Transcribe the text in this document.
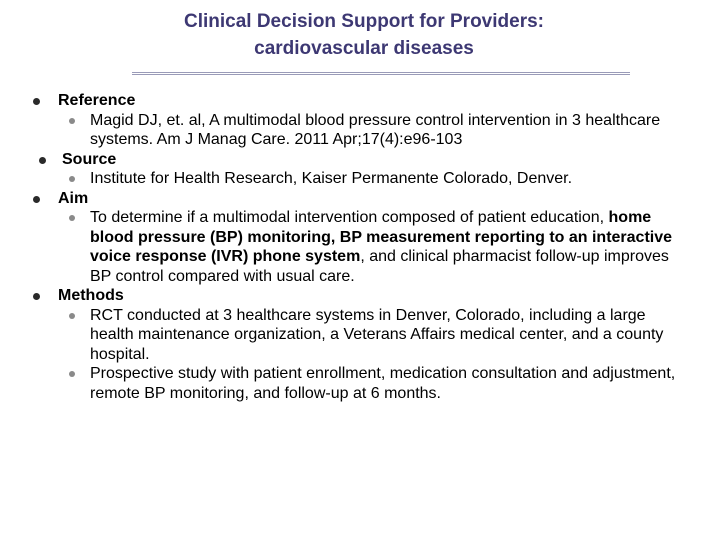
Clinical Decision Support for Providers:
cardiovascular diseases
Reference
Magid DJ, et. al, A multimodal blood pressure control intervention in 3 healthcare systems. Am J Manag Care. 2011 Apr;17(4):e96-103
Source
Institute for Health Research, Kaiser Permanente Colorado, Denver.
Aim
To determine if a multimodal intervention composed of patient education, home blood pressure (BP) monitoring, BP measurement reporting to an interactive voice response (IVR) phone system, and clinical pharmacist follow-up improves BP control compared with usual care.
Methods
RCT conducted at 3 healthcare systems in Denver, Colorado, including a large health maintenance organization, a Veterans Affairs medical center, and a county hospital.
Prospective study with patient enrollment, medication consultation and adjustment, remote BP monitoring, and follow-up at 6 months.
